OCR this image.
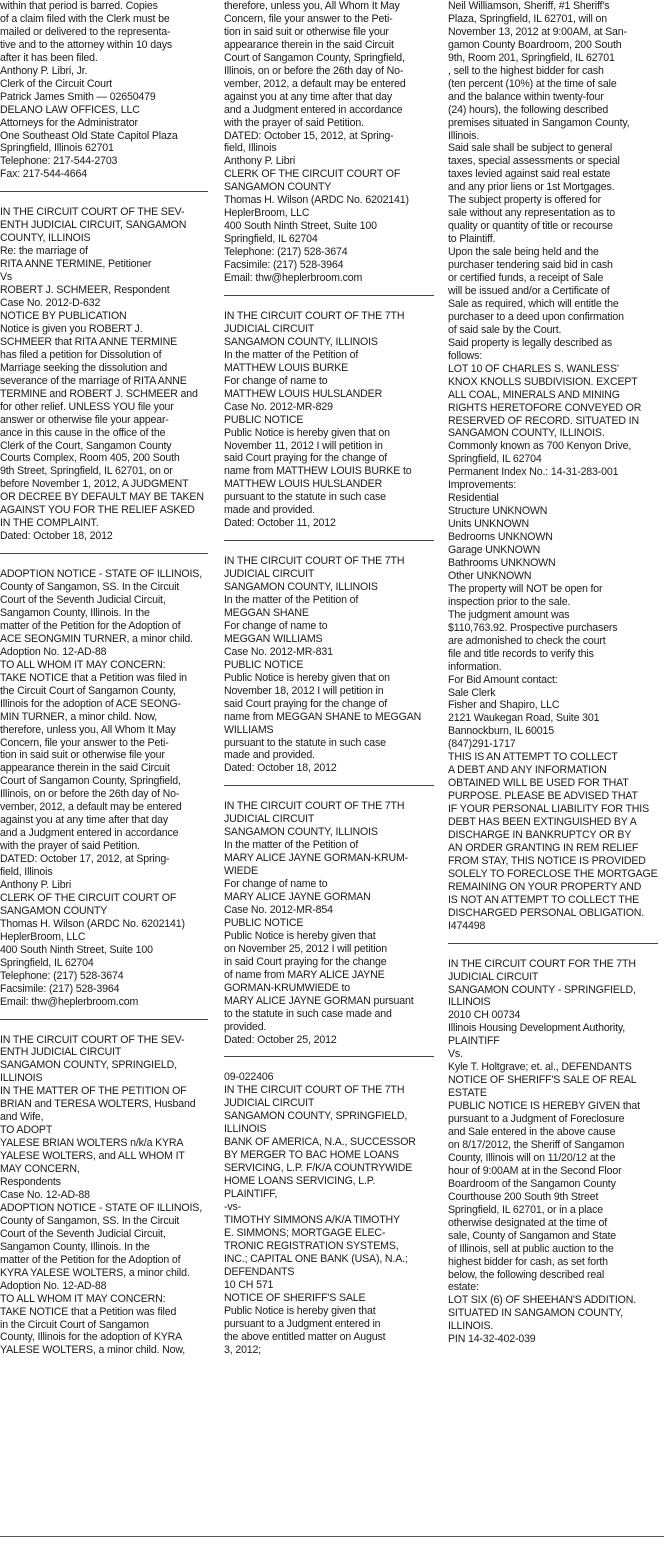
within that period is barred. Copies
of a claim filed with the Clerk must be
mailed or delivered to the representa-
tive and to the attorney within 10 days
after it has been filed.
Anthony P. Libri, Jr.
Clerk of the Circuit Court
Patrick James Smith — 02650479
DELANO LAW OFFICES, LLC
Attorneys for the Administrator
One Southeast Old State Capitol Plaza
Springfield, Illinois 62701
Telephone: 217-544-2703
Fax: 217-544-4664
IN THE CIRCUIT COURT OF THE SEV-
ENTH JUDICIAL CIRCUIT, SANGAMON
COUNTY, ILLINOIS
Re: the marriage of
RITA ANNE TERMINE, Petitioner
Vs
ROBERT J. SCHMEER, Respondent
Case No. 2012-D-632
NOTICE BY PUBLICATION
Notice is given you ROBERT J.
SCHMEER that RITA ANNE TERMINE
has filed a petition for Dissolution of
Marriage seeking the dissolution and
severance of the marriage of RITA ANNE
TERMINE and ROBERT J. SCHMEER and
for other relief. UNLESS YOU file your
answer or otherwise file your appear-
ance in this cause in the office of the
Clerk of the Court, Sangamon County
Courts Complex, Room 405, 200 South
9th Street, Springfield, IL 62701, on or
before November 1, 2012, A JUDGMENT
OR DECREE BY DEFAULT MAY BE TAKEN
AGAINST YOU FOR THE RELIEF ASKED
IN THE COMPLAINT.
Dated: October 18, 2012
ADOPTION NOTICE - STATE OF ILLINOIS,
County of Sangamon, SS. In the Circuit
Court of the Seventh Judicial Circuit,
Sangamon County, Illinois. In the
matter of the Petition for the Adoption of
ACE SEONGMIN TURNER, a minor child.
Adoption No. 12-AD-88
TO ALL WHOM IT MAY CONCERN:
TAKE NOTICE that a Petition was filed in
the Circuit Court of Sangamon County,
Illinois for the adoption of ACE SEONG-
MIN TURNER, a minor child. Now,
therefore, unless you, All Whom It May
Concern, file your answer to the Peti-
tion in said suit or otherwise file your
appearance therein in the said Circuit
Court of Sangamon County, Springfield,
Illinois, on or before the 26th day of No-
vember, 2012, a default may be entered
against you at any time after that day
and a Judgment entered in accordance
with the prayer of said Petition.
DATED: October 17, 2012, at Spring-
field, Illinois
Anthony P. Libri
CLERK OF THE CIRCUIT COURT OF
SANGAMON COUNTY
Thomas H. Wilson (ARDC No. 6202141)
HeplerBroom, LLC
400 South Ninth Street, Suite 100
Springfield, IL 62704
Telephone: (217) 528-3674
Facsimile: (217) 528-3964
Email: thw@heplerbroom.com
IN THE CIRCUIT COURT OF THE SEV-
ENTH JUDICIAL CIRCUIT
SANGAMON COUNTY, SPRINGIELD,
ILLINOIS
IN THE MATTER OF THE PETITION OF
BRIAN and TERESA WOLTERS, Husband
and Wife,
TO ADOPT
YALESE BRIAN WOLTERS n/k/a KYRA
YALESE WOLTERS, and ALL WHOM IT
MAY CONCERN,
Respondents
Case No. 12-AD-88
ADOPTION NOTICE - STATE OF ILLINOIS,
County of Sangamon, SS. In the Circuit
Court of the Seventh Judicial Circuit,
Sangamon County, Illinois. In the
matter of the Petition for the Adoption of
KYRA YALESE WOLTERS, a minor child.
Adoption No. 12-AD-88
TO ALL WHOM IT MAY CONCERN:
TAKE NOTICE that a Petition was filed
in the Circuit Court of Sangamon
County, Illinois for the adoption of KYRA
YALESE WOLTERS, a minor child. Now,
therefore, unless you, All Whom It May
Concern, file your answer to the Peti-
tion in said suit or otherwise file your
appearance therein in the said Circuit
Court of Sangamon County, Springfield,
Illinois, on or before the 26th day of No-
vember, 2012, a default may be entered
against you at any time after that day
and a Judgment entered in accordance
with the prayer of said Petition.
DATED: October 15, 2012, at Spring-
field, Illinois
Anthony P. Libri
CLERK OF THE CIRCUIT COURT OF
SANGAMON COUNTY
Thomas H. Wilson (ARDC No. 6202141)
HeplerBroom, LLC
400 South Ninth Street, Suite 100
Springfield, IL 62704
Telephone: (217) 528-3674
Facsimile: (217) 528-3964
Email: thw@heplerbroom.com
IN THE CIRCUIT COURT OF THE 7TH
JUDICIAL CIRCUIT
SANGAMON COUNTY, ILLINOIS
In the matter of the Petition of
MATTHEW LOUIS BURKE
For change of name to
MATTHEW LOUIS HULSLANDER
Case No. 2012-MR-829
PUBLIC NOTICE
Public Notice is hereby given that on
November 11, 2012 I will petition in
said Court praying for the change of
name from MATTHEW LOUIS BURKE to
MATTHEW LOUIS HULSLANDER
pursuant to the statute in such case
made and provided.
Dated: October 11, 2012
IN THE CIRCUIT COURT OF THE 7TH
JUDICIAL CIRCUIT
SANGAMON COUNTY, ILLINOIS
In the matter of the Petition of
MEGGAN SHANE
For change of name to
MEGGAN WILLIAMS
Case No. 2012-MR-831
PUBLIC NOTICE
Public Notice is hereby given that on
November 18, 2012 I will petition in
said Court praying for the change of
name from MEGGAN SHANE to MEGGAN
WILLIAMS
pursuant to the statute in such case
made and provided.
Dated: October 18, 2012
IN THE CIRCUIT COURT OF THE 7TH
JUDICIAL CIRCUIT
SANGAMON COUNTY, ILLINOIS
In the matter of the Petition of
MARY ALICE JAYNE GORMAN-KRUM-
WIEDE
For change of name to
MARY ALICE JAYNE GORMAN
Case No. 2012-MR-854
PUBLIC NOTICE
Public Notice is hereby given that
on November 25, 2012 I will petition
in said Court praying for the change
of name from MARY ALICE JAYNE
GORMAN-KRUMWIEDE to
MARY ALICE JAYNE GORMAN pursuant
to the statute in such case made and
provided.
Dated: October 25, 2012
09-022406
IN THE CIRCUIT COURT OF THE 7TH
JUDICIAL CIRCUIT
SANGAMON COUNTY, SPRINGFIELD,
ILLINOIS
BANK OF AMERICA, N.A., SUCCESSOR
BY MERGER TO BAC HOME LOANS
SERVICING, L.P. F/K/A COUNTRYWIDE
HOME LOANS SERVICING, L.P.
PLAINTIFF,
-vs-
TIMOTHY SIMMONS A/K/A TIMOTHY
E. SIMMONS; MORTGAGE ELEC-
TRONIC REGISTRATION SYSTEMS,
INC.; CAPITAL ONE BANK (USA), N.A.;
DEFENDANTS
10 CH 571
NOTICE OF SHERIFF'S SALE
Public Notice is hereby given that
pursuant to a Judgment entered in
the above entitled matter on August
3, 2012;
Neil Williamson, Sheriff, #1 Sheriff's
Plaza, Springfield, IL 62701, will on
November 13, 2012 at 9:00AM, at San-
gamon County Boardroom, 200 South
9th, Room 201, Springfield, IL 62701
, sell to the highest bidder for cash
(ten percent (10%) at the time of sale
and the balance within twenty-four
(24) hours), the following described
premises situated in Sangamon County,
Illinois.
Said sale shall be subject to general
taxes, special assessments or special
taxes levied against said real estate
and any prior liens or 1st Mortgages.
The subject property is offered for
sale without any representation as to
quality or quantity of title or recourse
to Plaintiff.
Upon the sale being held and the
purchaser tendering said bid in cash
or certified funds, a receipt of Sale
will be issued and/or a Certificate of
Sale as required, which will entitle the
purchaser to a deed upon confirmation
of said sale by the Court.
Said property is legally described as
follows:
LOT 10 OF CHARLES S. WANLESS'
KNOX KNOLLS SUBDIVISION. EXCEPT
ALL COAL, MINERALS AND MINING
RIGHTS HERETOFORE CONVEYED OR
RESERVED OF RECORD. SITUATED IN
SANGAMON COUNTY, ILLINOIS.
Commonly known as 700 Kenyon Drive,
Springfield, IL 62704
Permanent Index No.: 14-31-283-001
Improvements:
Residential
Structure UNKNOWN
Units UNKNOWN
Bedrooms UNKNOWN
Garage UNKNOWN
Bathrooms UNKNOWN
Other UNKNOWN
The property will NOT be open for
inspection prior to the sale.
The judgment amount was
$110,763.92. Prospective purchasers
are admonished to check the court
file and title records to verify this
information.
For Bid Amount contact:
Sale Clerk
Fisher and Shapiro, LLC
2121 Waukegan Road, Suite 301
Bannockburn, IL 60015
(847)291-1717
THIS IS AN ATTEMPT TO COLLECT
A DEBT AND ANY INFORMATION
OBTAINED WILL BE USED FOR THAT
PURPOSE. PLEASE BE ADVISED THAT
IF YOUR PERSONAL LIABILITY FOR THIS
DEBT HAS BEEN EXTINGUISHED BY A
DISCHARGE IN BANKRUPTCY OR BY
AN ORDER GRANTING IN REM RELIEF
FROM STAY, THIS NOTICE IS PROVIDED
SOLELY TO FORECLOSE THE MORTGAGE
REMAINING ON YOUR PROPERTY AND
IS NOT AN ATTEMPT TO COLLECT THE
DISCHARGED PERSONAL OBLIGATION.
I474498
IN THE CIRCUIT COURT FOR THE 7TH
JUDICIAL CIRCUIT
SANGAMON COUNTY - SPRINGFIELD,
ILLINOIS
2010 CH 00734
Illinois Housing Development Authority,
PLAINTIFF
Vs.
Kyle T. Holtgrave; et. al., DEFENDANTS
NOTICE OF SHERIFF'S SALE OF REAL
ESTATE
PUBLIC NOTICE IS HEREBY GIVEN that
pursuant to a Judgment of Foreclosure
and Sale entered in the above cause
on 8/17/2012, the Sheriff of Sangamon
County, Illinois will on 11/20/12 at the
hour of 9:00AM at in the Second Floor
Boardroom of the Sangamon County
Courthouse 200 South 9th Street
Springfield, IL 62701, or in a place
otherwise designated at the time of
sale, County of Sangamon and State
of Illinois, sell at public auction to the
highest bidder for cash, as set forth
below, the following described real
estate:
LOT SIX (6) OF SHEEHAN'S ADDITION.
SITUATED IN SANGAMON COUNTY,
ILLINOIS.
PIN 14-32-402-039
